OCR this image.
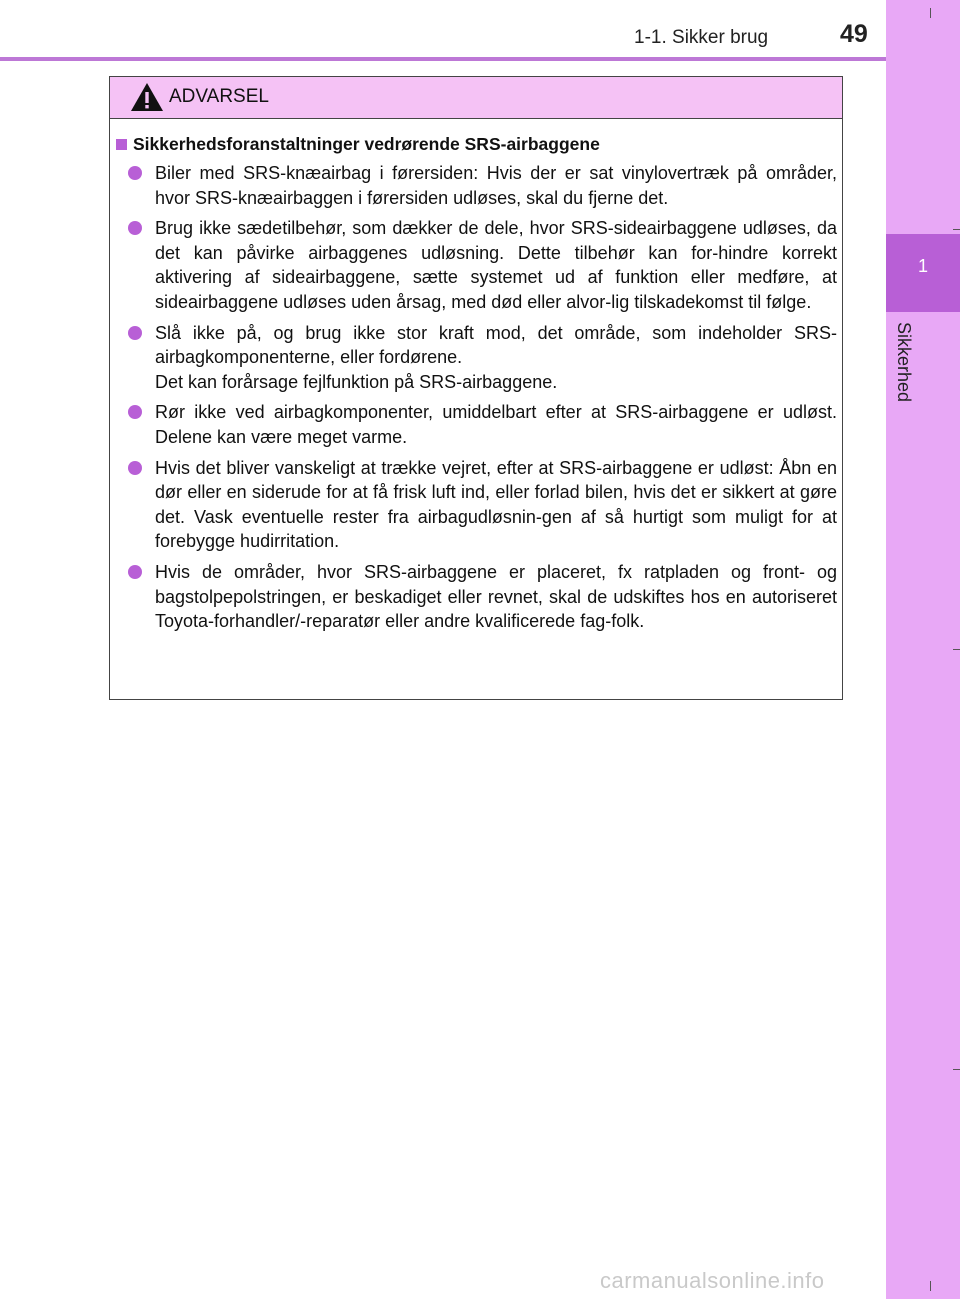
1-1. Sikker brug	49
1
Sikkerhed
ADVARSEL
Sikkerhedsforanstaltninger vedrørende SRS-airbaggene
Biler med SRS-knæairbag i førersiden: Hvis der er sat vinylovertræk på områder, hvor SRS-knæairbaggen i førersiden udløses, skal du fjerne det.
Brug ikke sædetilbehør, som dækker de dele, hvor SRS-sideairbaggene udløses, da det kan påvirke airbaggenes udløsning. Dette tilbehør kan for-hindre korrekt aktivering af sideairbaggene, sætte systemet ud af funktion eller medføre, at sideairbaggene udløses uden årsag, med død eller alvor-lig tilskadekomst til følge.
Slå ikke på, og brug ikke stor kraft mod, det område, som indeholder SRS-airbagkomponenterne, eller fordørene.
Det kan forårsage fejlfunktion på SRS-airbaggene.
Rør ikke ved airbagkomponenter, umiddelbart efter at SRS-airbaggene er udløst. Delene kan være meget varme.
Hvis det bliver vanskeligt at trække vejret, efter at SRS-airbaggene er udløst: Åbn en dør eller en siderude for at få frisk luft ind, eller forlad bilen, hvis det er sikkert at gøre det. Vask eventuelle rester fra airbagudløsnin-gen af så hurtigt som muligt for at forebygge hudirritation.
Hvis de områder, hvor SRS-airbaggene er placeret, fx ratpladen og front- og bagstolpepolstringen, er beskadiget eller revnet, skal de udskiftes hos en autoriseret Toyota-forhandler/-reparatør eller andre kvalificerede fag-folk.
carmanualsonline.info
